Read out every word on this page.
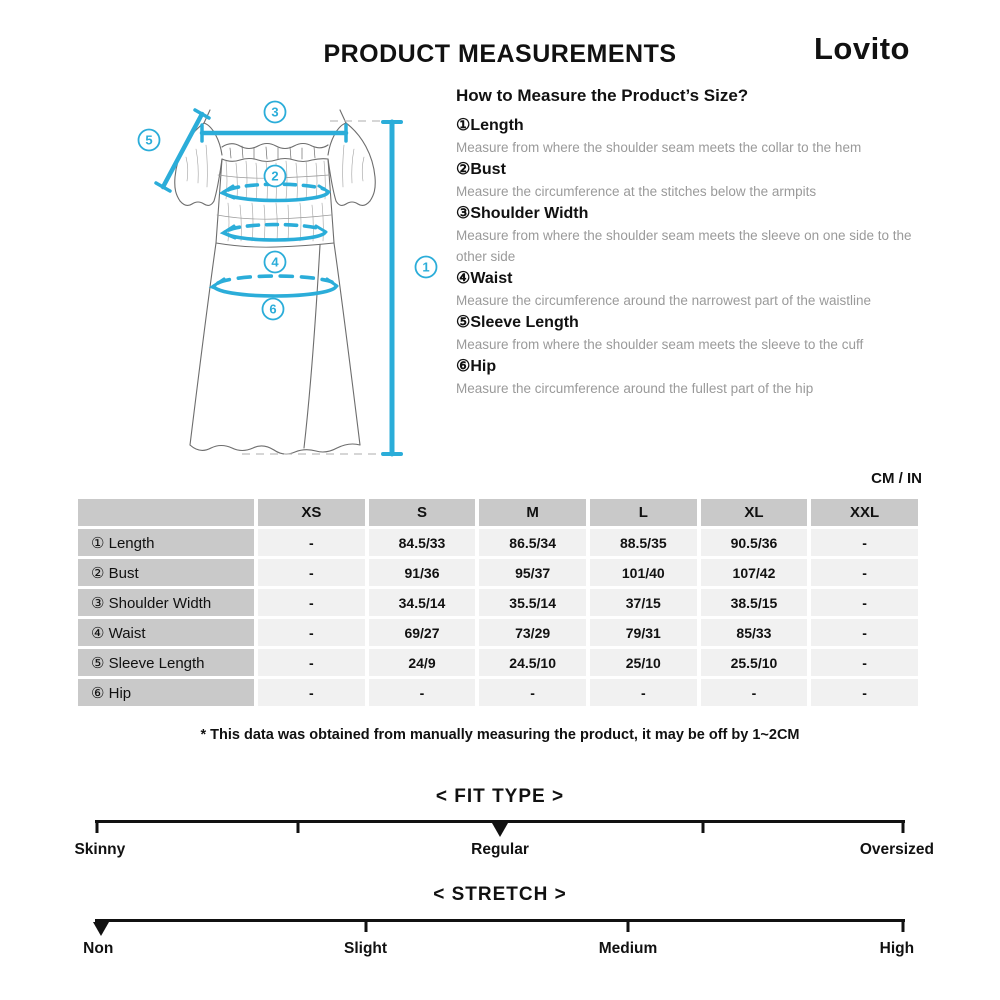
PRODUCT MEASUREMENTS	Lovito
1
2
3
4
5
6
How to Measure the Product’s Size?
①Length

Measure from where the shoulder seam meets the collar to the hem

②Bust

Measure the circumference at the stitches below the armpits

③Shoulder Width

Measure from where the shoulder seam meets the sleeve on one side to the other side

④Waist

Measure the circumference around the narrowest part of the waistline

⑤Sleeve Length

Measure from where the shoulder seam meets the sleeve to the cuff

⑥Hip

Measure the circumference around the fullest part of the hip

CM / IN
	XS	S	M	L	XL	XXL
① Length	-	84.5/33	86.5/34	88.5/35	90.5/36	-
② Bust	-	91/36	95/37	101/40	107/42	-
③ Shoulder Width	-	34.5/14	35.5/14	37/15	38.5/15	-
④ Waist	-	69/27	73/29	79/31	85/33	-
⑤ Sleeve Length	-	24/9	24.5/10	25/10	25.5/10	-
⑥ Hip	-	-	-	-	-	-
* This data was obtained from manually measuring the product, it may be off by 1~2CM
< FIT TYPE >
Skinny	Regular	Oversized
< STRETCH >
Non	Slight	Medium	High
